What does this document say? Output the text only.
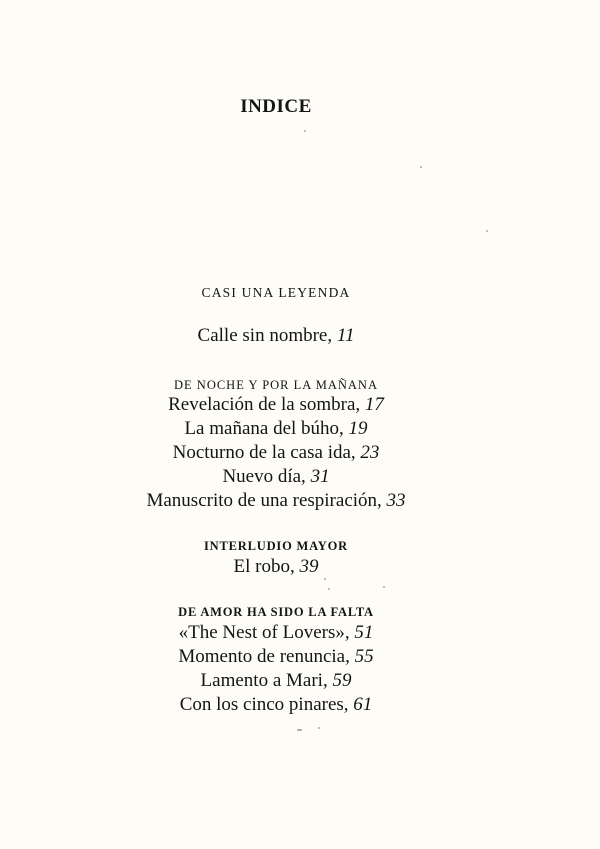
INDICE
CASI UNA LEYENDA
Calle sin nombre, 11
DE NOCHE Y POR LA MAÑANA
Revelación de la sombra, 17
La mañana del búho, 19
Nocturno de la casa ida, 23
Nuevo día, 31
Manuscrito de una respiración, 33
INTERLUDIO MAYOR
El robo, 39
DE AMOR HA SIDO LA FALTA
«The Nest of Lovers», 51
Momento de renuncia, 55
Lamento a Mari, 59
Con los cinco pinares, 61
